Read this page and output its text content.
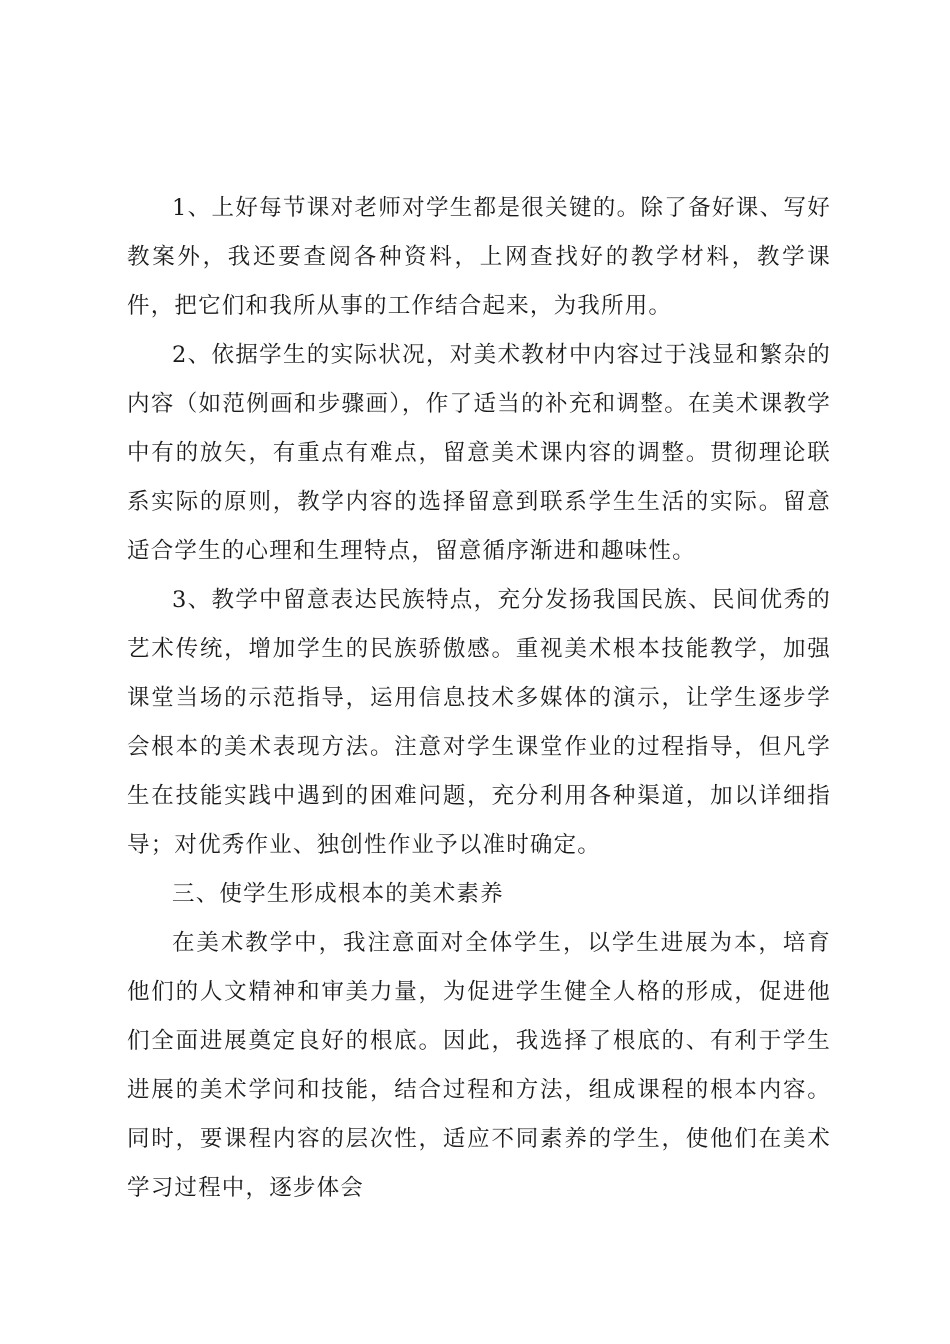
1、上好每节课对老师对学生都是很关键的。除了备好课、写好教案外，我还要查阅各种资料，上网查找好的教学材料，教学课件，把它们和我所从事的工作结合起来，为我所用。

2、依据学生的实际状况，对美术教材中内容过于浅显和繁杂的内容（如范例画和步骤画），作了适当的补充和调整。在美术课教学中有的放矢，有重点有难点，留意美术课内容的调整。贯彻理论联系实际的原则，教学内容的选择留意到联系学生生活的实际。留意适合学生的心理和生理特点，留意循序渐进和趣味性。

3、教学中留意表达民族特点，充分发扬我国民族、民间优秀的艺术传统，增加学生的民族骄傲感。重视美术根本技能教学，加强课堂当场的示范指导，运用信息技术多媒体的演示，让学生逐步学会根本的美术表现方法。注意对学生课堂作业的过程指导，但凡学生在技能实践中遇到的困难问题，充分利用各种渠道，加以详细指导；对优秀作业、独创性作业予以准时确定。

三、使学生形成根本的美术素养

在美术教学中，我注意面对全体学生，以学生进展为本，培育他们的人文精神和审美力量，为促进学生健全人格的形成，促进他们全面进展奠定良好的根底。因此，我选择了根底的、有利于学生进展的美术学问和技能，结合过程和方法，组成课程的根本内容。同时，要课程内容的层次性，适应不同素养的学生，使他们在美术学习过程中，逐步体会
